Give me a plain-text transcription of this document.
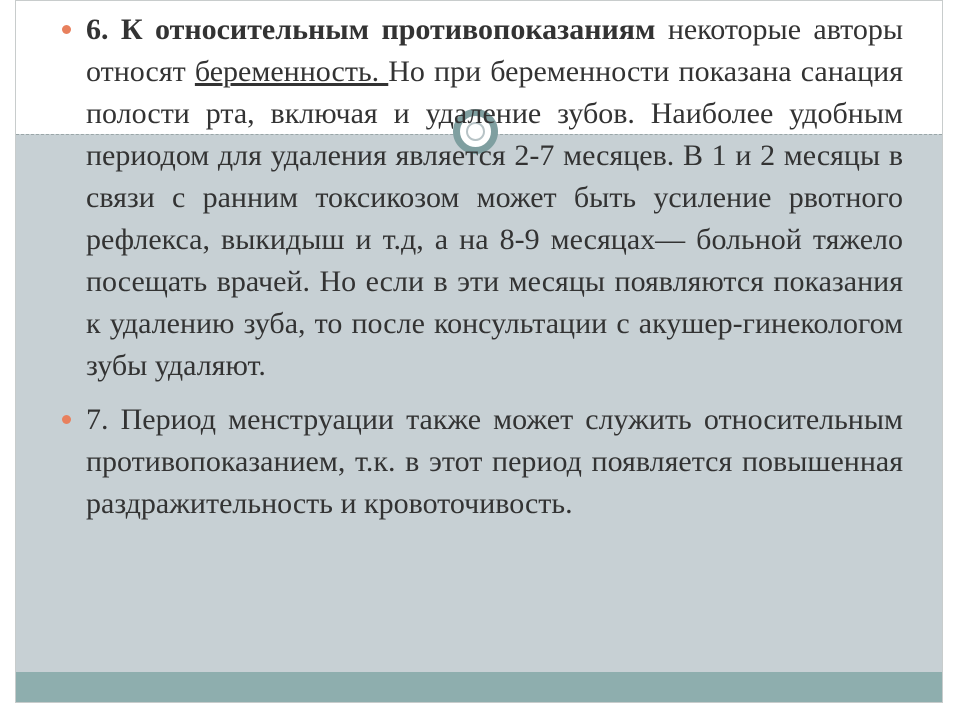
6. К относительным противопоказаниям некоторые авторы относят беременность. Но при беременности показана санация полости рта, включая и удаление зубов. Наиболее удобным периодом для удаления является 2-7 месяцев. В 1 и 2 месяцы в связи с ранним токсикозом может быть усиление рвотного рефлекса, выкидыш и т.д, а на 8-9 месяцах— больной тяжело посещать врачей. Но если в эти месяцы появляются показания к удалению зуба, то после консультации с акушер-гинекологом зубы удаляют.

7. Период менструации также может служить относительным противопоказанием, т.к. в этот период появляется повышенная раздражительность и кровоточивость.
